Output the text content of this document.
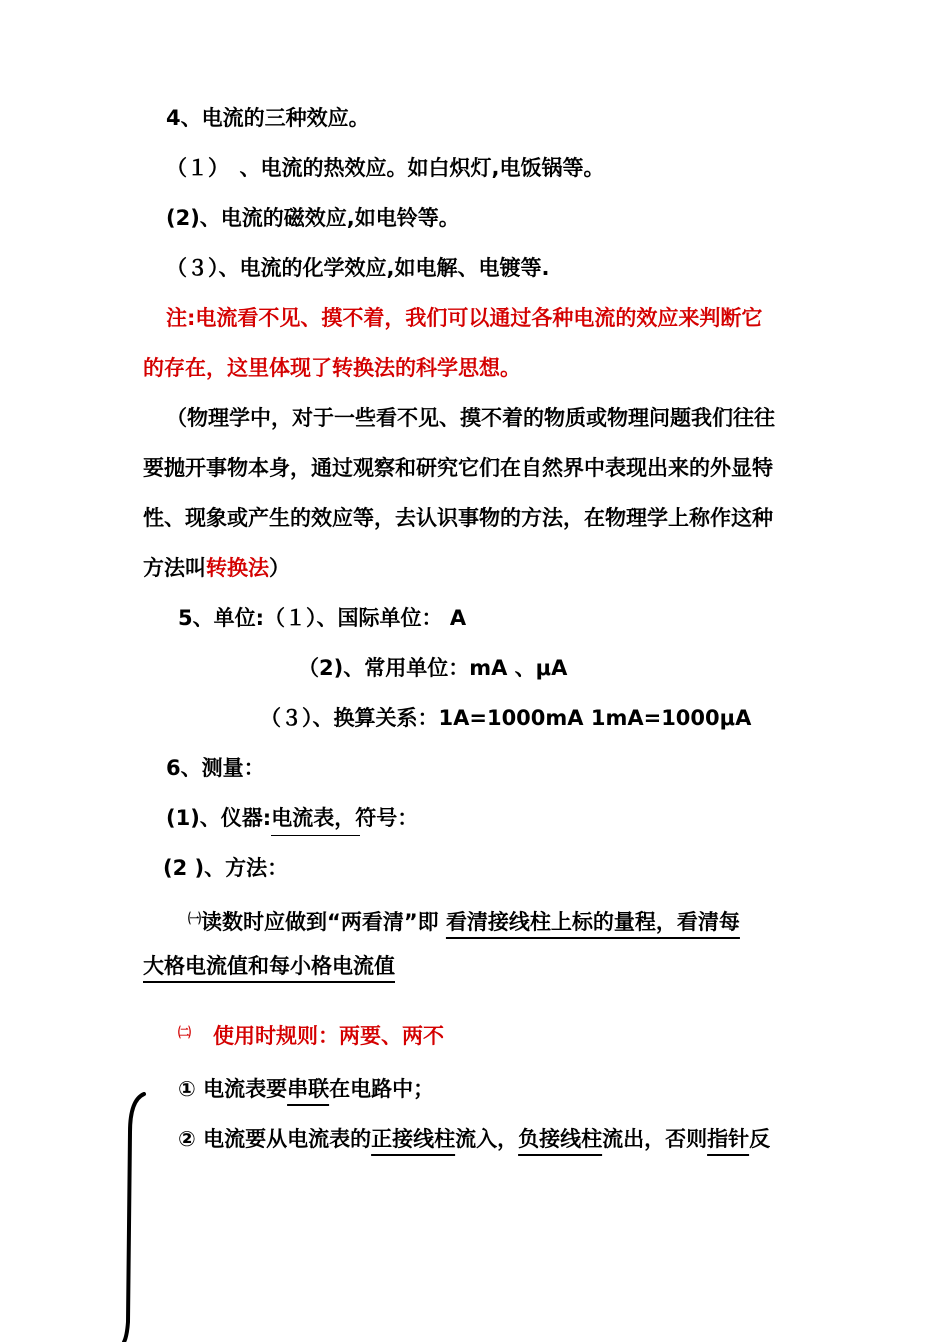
4、电流的三种效应。
（１）　、电流的热效应。如白炽灯,电饭锅等。
(2)、电流的磁效应,如电铃等。
（３）、电流的化学效应,如电解、电镀等.
注:电流看不见、摸不着，我们可以通过各种电流的效应来判断它
的存在，这里体现了转换法的科学思想。
（物理学中，对于一些看不见、摸不着的物质或物理问题我们往往
要抛开事物本身，通过观察和研究它们在自然界中表现出来的外显特
性、现象或产生的效应等，去认识事物的方法，在物理学上称作这种
方法叫转换法）
5、单位:（１）、国际单位： A
（2)、常用单位：mA 、μA
（３）、换算关系：1A=1000mA 1mA=1000μA
6、测量：
(1)、仪器:电流表，符号：
(2 )、方法：
$^㈠$读数时应做到“两看清”即 看清接线柱上标的量程，看清每
大格电流值和每小格电流值
$^㈡$ 使用时规则：两要、两不
① 电流表要串联在电路中；
② 电流要从电流表的正接线柱流入，负接线柱流出，否则指针反
